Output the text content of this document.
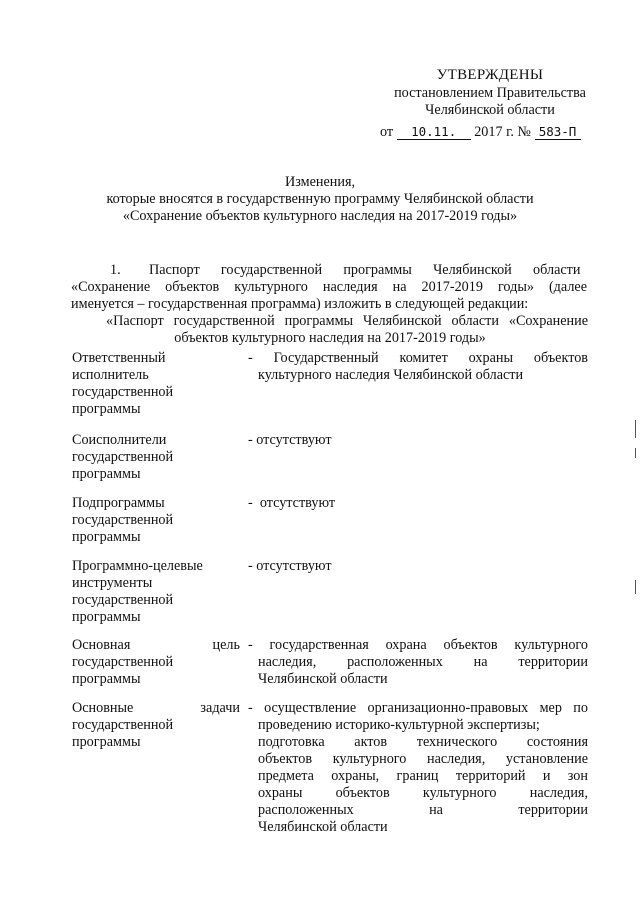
УТВЕРЖДЕНЫ
постановлением Правительства
Челябинской области
от 10.11. 2017 г. № 583-П
Изменения,
которые вносятся в государственную программу Челябинской области
«Сохранение объектов культурного наследия на 2017-2019 годы»
1.        Паспорт      государственной      программы      Челябинской      области
«Сохранение объектов культурного наследия на 2017-2019 годы» (далее
именуется – государственная программа) изложить в следующей редакции:
«Паспорт государственной программы Челябинской области «Сохранение
объектов культурного наследия на 2017-2019 годы»
Ответственный
исполнитель
государственной
программы
- Государственный комитет охраны объектов
культурного наследия Челябинской области
Соисполнители
государственной
программы
- отсутствуют
Подпрограммы
государственной
программы
-  отсутствуют
Программно-целевые
инструменты
государственной
программы
- отсутствуют
Основная цель
государственной
программы
- государственная охрана объектов культурного
наследия, расположенных на территории
Челябинской области
Основные задачи
государственной
программы
- осуществление организационно-правовых мер по
проведению историко-культурной экспертизы;
подготовка актов технического состояния
объектов культурного наследия, установление
предмета охраны, границ территорий и зон
охраны объектов культурного наследия,
расположенных на территории
Челябинской области
